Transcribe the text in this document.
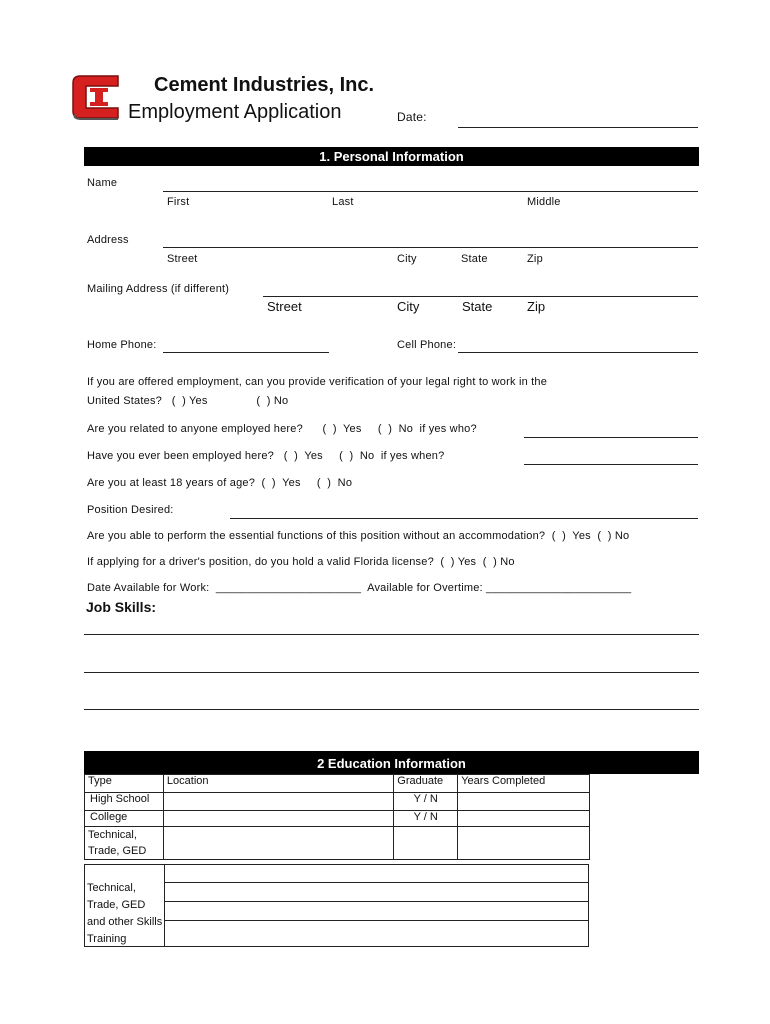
Cement Industries, Inc.
Employment Application	Date:
1. Personal Information
Name
First	Last	Middle
Address
Street	City	State	Zip
Mailing Address (if different)
Street	City	State	Zip
Home Phone:	Cell Phone:
If you are offered employment, can you provide verification of your legal right to work in the
United States?   (  ) Yes               (  ) No
Are you related to anyone employed here?      (  )  Yes     (  )  No  if yes who?
Have you ever been employed here?   (  )  Yes     (  )  No  if yes when?
Are you at least 18 years of age?  (  )  Yes     (  )  No
Position Desired:
Are you able to perform the essential functions of this position without an accommodation?  (  )  Yes  (  ) No
If applying for a driver's position, do you hold a valid Florida license?  (  ) Yes  (  ) No
Date Available for Work:  _______________________  Available for Overtime: _______________________
Job Skills:
2 Education Information
Type	Location	Graduate	Years Completed
High School		Y / N	
College		Y / N	
Technical, Trade, GED			
Technical, Trade, GED and other Skills Training
